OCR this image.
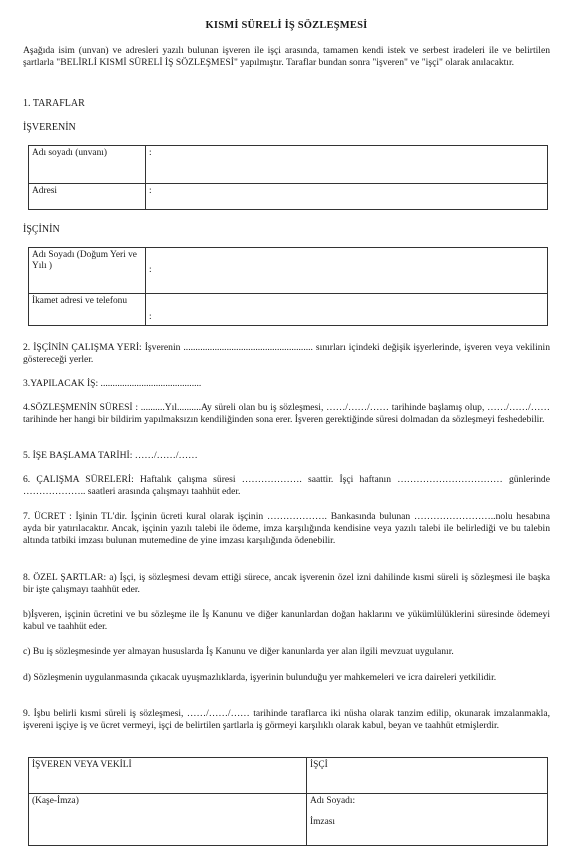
KISMİ SÜRELİ İŞ SÖZLEŞMESİ
Aşağıda isim (unvan) ve adresleri yazılı bulunan işveren ile işçi arasında, tamamen kendi istek ve serbest iradeleri ile ve belirtilen şartlarla "BELİRLİ KISMİ SÜRELİ İŞ SÖZLEŞMESİ" yapılmıştır. Taraflar bundan sonra "işveren" ve "işçi" olarak anılacaktır.
1. TARAFLAR
İŞVERENİN
Adı soyadı (unvanı)	:
Adresi	:
İŞÇİNİN
Adı Soyadı (Doğum Yeri ve Yılı )	:
İkamet adresi ve telefonu	:
2. İŞÇİNİN ÇALIŞMA YERİ: İşverenin ...................................................... sınırları içindeki değişik işyerlerinde, işveren veya vekilinin göstereceği yerler.
3.YAPILACAK İŞ: ..........................................
4.SÖZLEŞMENİN SÜRESİ : ..........Yıl..........Ay süreli olan bu iş sözleşmesi, ……/……/…… tarihinde başlamış olup, ……/……/…… tarihinde her hangi bir bildirim yapılmaksızın kendiliğinden sona erer. İşveren gerektiğinde süresi dolmadan da sözleşmeyi feshedebilir.
5. İŞE BAŞLAMA TARİHİ: ……/……/……
6. ÇALIŞMA SÜRELERİ: Haftalık çalışma süresi ………………. saattir. İşçi haftanın …………………………… günlerinde ……………….. saatleri arasında çalışmayı taahhüt eder.
7. ÜCRET : İşinin TL'dir. İşçinin ücreti kural olarak işçinin ………………. Bankasında bulunan ……………………..nolu hesabına ayda bir yatırılacaktır. Ancak, işçinin yazılı talebi ile ödeme, imza karşılığında kendisine veya yazılı talebi ile belirlediği ve bu talebin altında tatbiki imzası bulunan mutemedine de yine imzası karşılığında ödenebilir.
8. ÖZEL ŞARTLAR: a) İşçi, iş sözleşmesi devam ettiği sürece, ancak işverenin özel izni dahilinde kısmi süreli iş sözleşmesi ile başka bir işte çalışmayı taahhüt eder.
b)İşveren, işçinin ücretini ve bu sözleşme ile İş Kanunu ve diğer kanunlardan doğan haklarını ve yükümlülüklerini süresinde ödemeyi kabul ve taahhüt eder.
c) Bu iş sözleşmesinde yer almayan hususlarda İş Kanunu ve diğer kanunlarda yer alan ilgili mevzuat uygulanır.
d) Sözleşmenin uygulanmasında çıkacak uyuşmazlıklarda, işyerinin bulunduğu yer mahkemeleri ve icra daireleri yetkilidir.
9. İşbu belirli kısmi süreli iş sözleşmesi, ……/……/…… tarihinde taraflarca iki nüsha olarak tanzim edilip, okunarak imzalanmakla, işvereni işçiye iş ve ücret vermeyi, işçi de belirtilen şartlarla iş görmeyi karşılıklı olarak kabul, beyan ve taahhüt etmişlerdir.
İŞVEREN VEYA VEKİLİ	İŞÇİ
(Kaşe-İmza)	Adı Soyadı:
İmzası
